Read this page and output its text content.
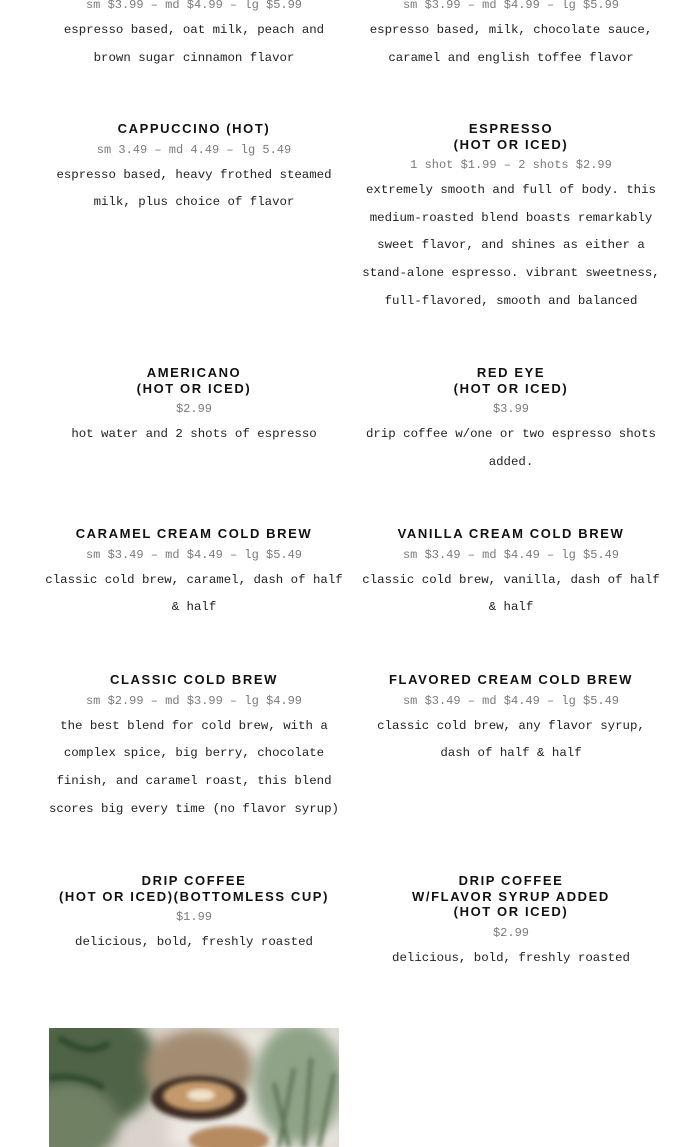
sm $3.99 – md $4.99 – lg $5.99
espresso based, oat milk, peach and brown sugar cinnamon flavor
sm $3.99 – md $4.99 – lg $5.99
espresso based, milk, chocolate sauce, caramel and english toffee flavor
CAPPUCCINO (HOT)
sm 3.49 – md 4.49 – lg 5.49
espresso based, heavy frothed steamed milk, plus choice of flavor
ESPRESSO
(HOT OR ICED)
1 shot $1.99 – 2 shots $2.99
extremely smooth and full of body. this medium-roasted blend boasts remarkably sweet flavor, and shines as either a stand-alone espresso. vibrant sweetness, full-flavored, smooth and balanced
AMERICANO
(HOT OR ICED)
$2.99
hot water and 2 shots of espresso
RED EYE
(HOT OR ICED)
$3.99
drip coffee w/one or two espresso shots added.
CARAMEL CREAM COLD BREW
sm $3.49 – md $4.49 – lg $5.49
classic cold brew, caramel, dash of half & half
VANILLA CREAM COLD BREW
sm $3.49 – md $4.49 – lg $5.49
classic cold brew, vanilla, dash of half & half
CLASSIC COLD BREW
sm $2.99 – md $3.99 – lg $4.99
the best blend for cold brew, with a complex spice, big berry, chocolate finish, and caramel roast, this blend scores big every time (no flavor syrup)
FLAVORED CREAM COLD BREW
sm $3.49 – md $4.49 – lg $5.49
classic cold brew, any flavor syrup, dash of half & half
DRIP COFFEE
(HOT OR ICED)(BOTTOMLESS CUP)
$1.99
delicious, bold, freshly roasted
DRIP COFFEE
W/FLAVOR SYRUP ADDED
(HOT OR ICED)
$2.99
delicious, bold, freshly roasted
